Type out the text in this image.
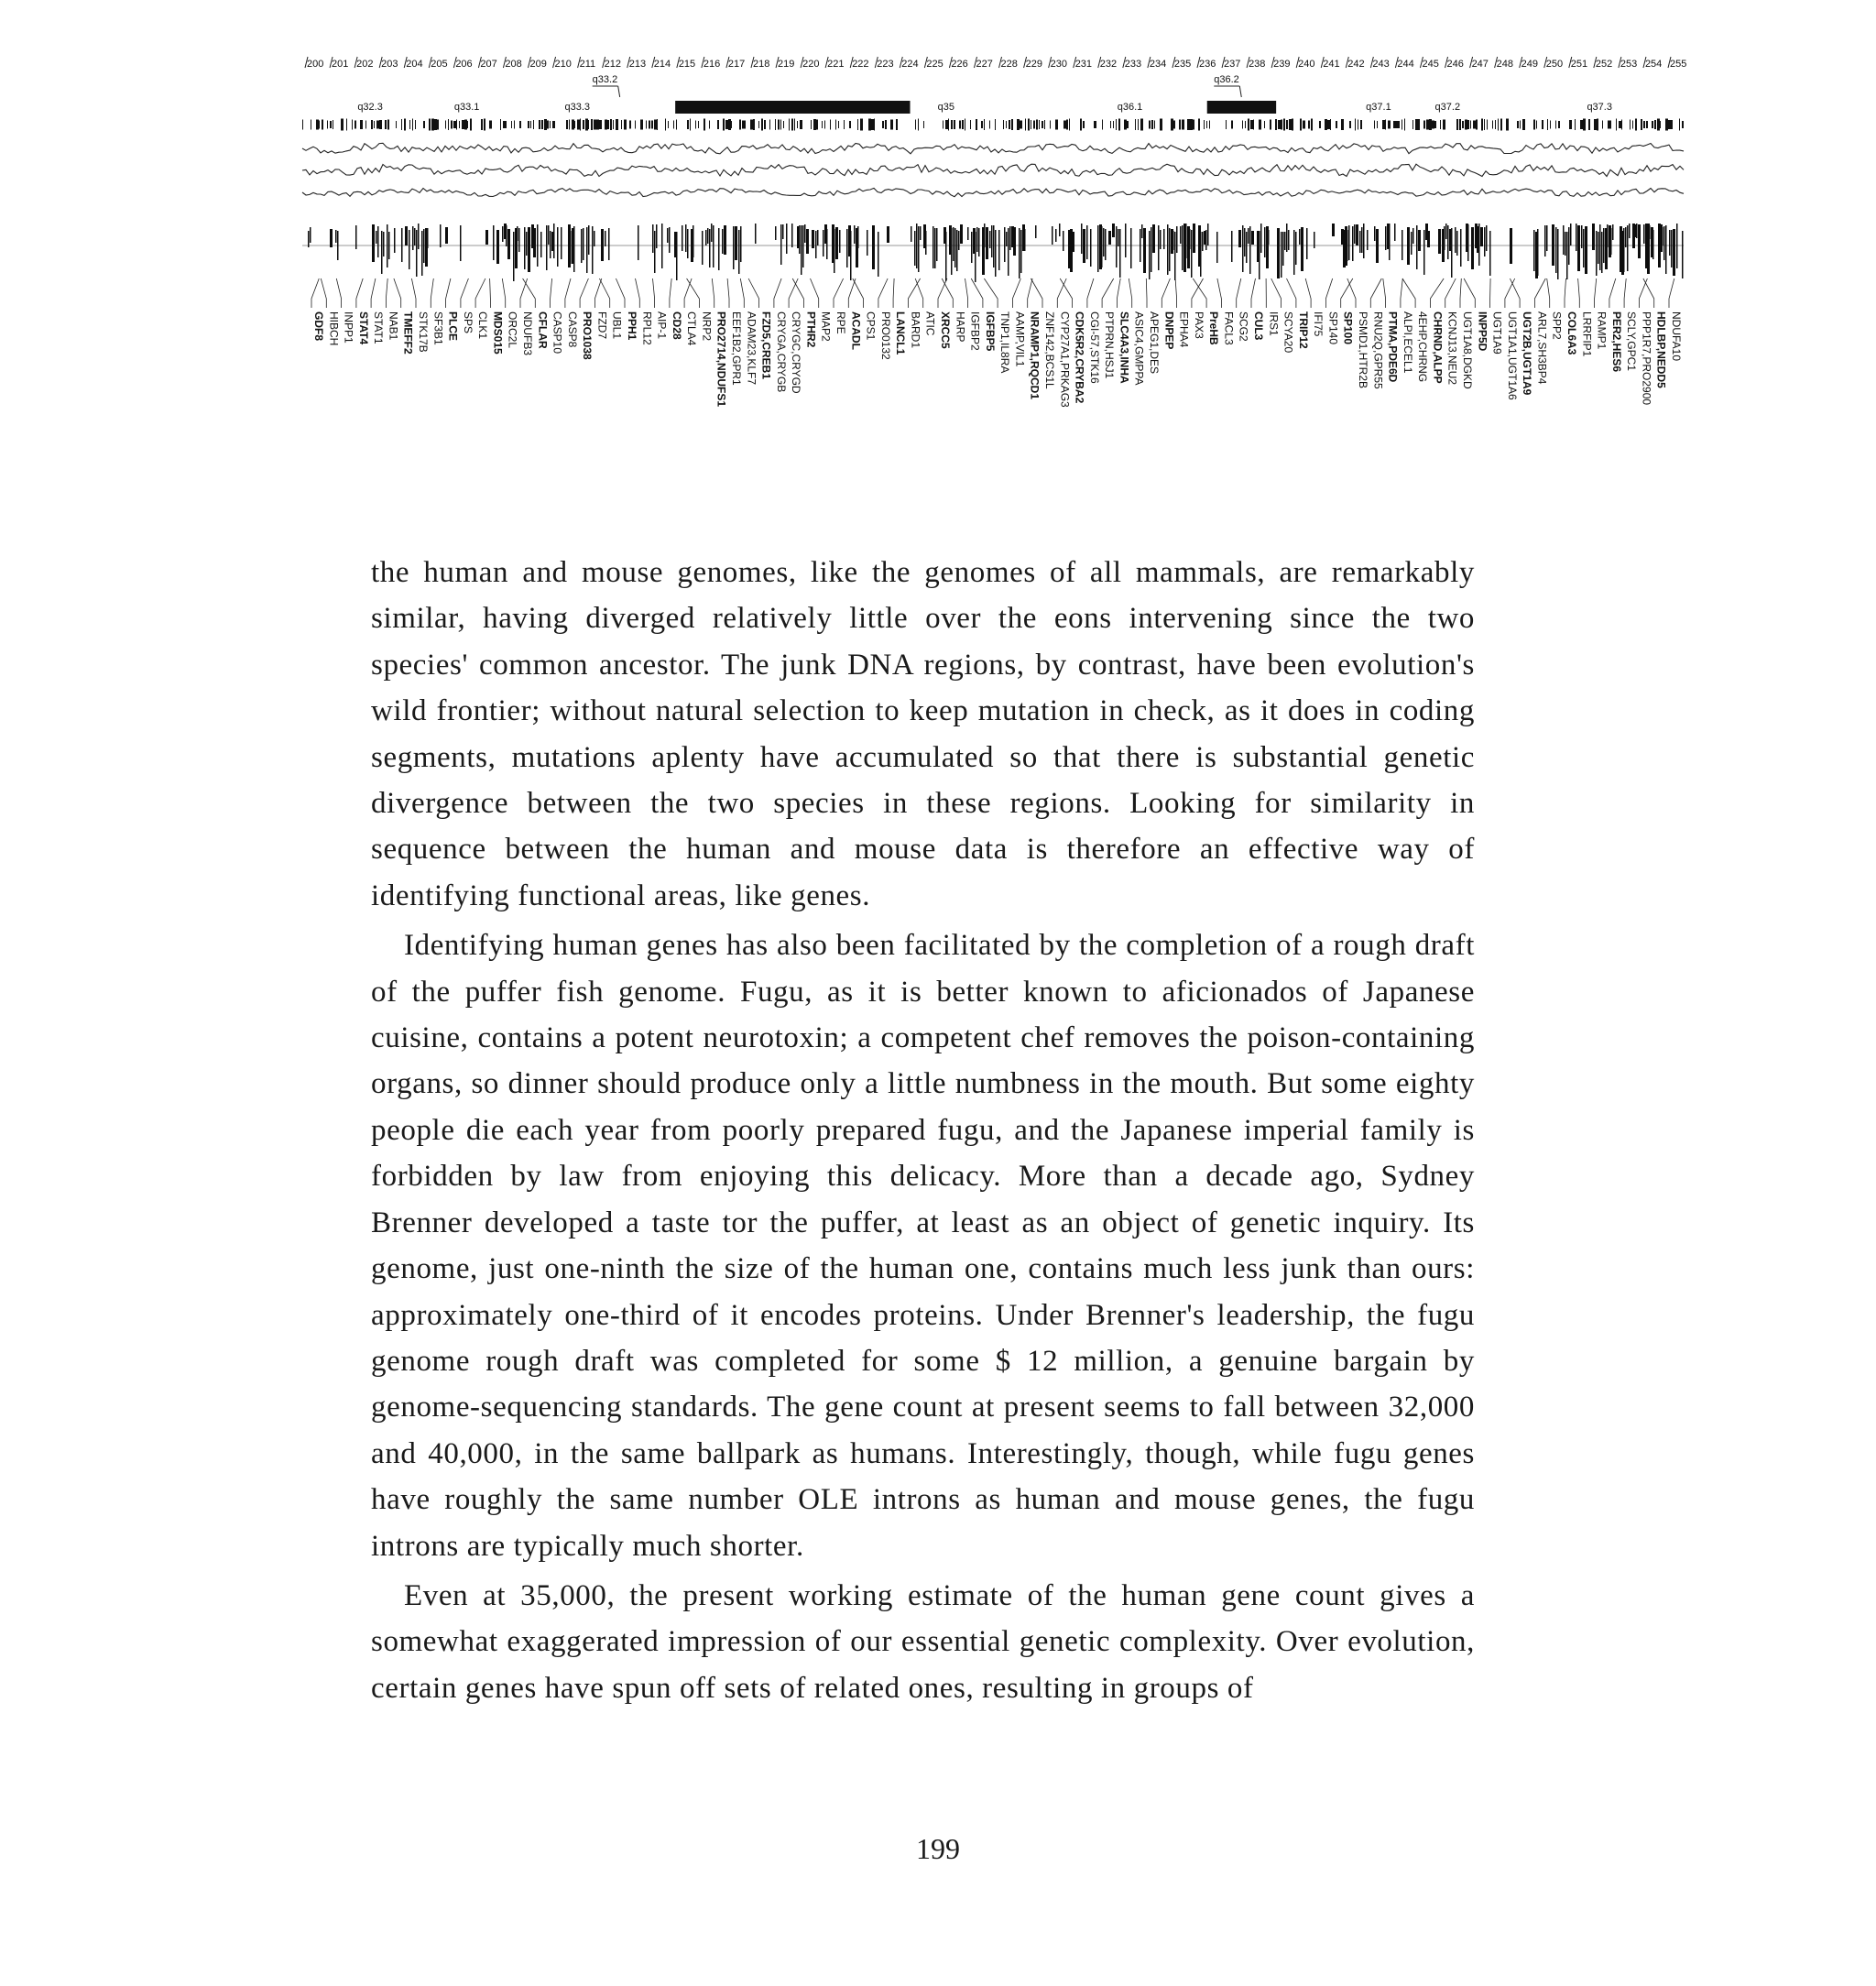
200 201 202 203 204 205 206 207 208 209 210 211 212 213 214 215 216 217 218 219 220 221 222 223 224 225 226 227 228 229 230 231 232 233 234 235 236 237 238 239 240 241 242 243 244 245 246 247 248 249 250 251 252 253 254 255
q33.2	q36.2
q32.3	q33.1	q33.3	q35	q36.1	q37.1	q37.2	q37.3
GDF8 HIBCH INPP1 STAT4 STAT1 NAB1 TMEFF2 STK17B SF3B1 PLCE SPS CLK1 MDS015 ORC2L NDUFB3 CFLAR CASP10 CASP8 PRO1038 FZD7 UBL1 PPH1 RPL12 AIP-1 CD28 CTLA4 NRP2 PRO2714,NDUFS1 EEF1B2,GPR1 ADAM23,KLF7 FZD5,CREB1 CRYGA,CRYGB CRYGC,CRYGD PTHR2 MAP2 RPE ACADL CPS1 PRO0132 LANCL1 BARD1 ATIC XRCC5 HARP IGFBP2 IGFBP5 TNP1,IL8RA AAMP,VIL1 NRAMP1,RQCD1 ZNF142,BCS1L CYP27A1,PRKAG3 CDK5R2,CRYBA2 CGI-57,STK16 PTPRN,HSJ1 SLC4A3,INHA ASIC4,GMPPA APEG1,DES DNPEP EPHA4 PAX3 PreHB FACL3 SCG2 CUL3 IRS1 SCYA20 TRIP12 IFI75 SP140 SP100 PSMD1,HTR2B RNU2Q,GPR55 PTMA,PDE6D ALPI,ECEL1 4EHP,CHRNG CHRND,ALPP KCNJ13,NEU2 UGT1A8,DGKD INPP5D UGT1A9 UGT1A1,UGT1A6 UGT2B,UGT1A9 ARL7,SH3BP4 SPP2 COL6A3 LRRFIP1 RAMP1 PER2,HES6 SCLY,GPC1 PPP1R7,PRO2900 HDLBP,NEDD5 NDUFA10

the human and mouse genomes, like the genomes of all mammals, are remarkably similar, having diverged relatively little over the eons intervening since the two species' common ancestor. The junk DNA regions, by contrast, have been evolution's wild frontier; without natural selection to keep mutation in check, as it does in coding segments, mutations aplenty have accumulated so that there is substantial genetic divergence between the two species in these regions. Looking for similarity in sequence between the human and mouse data is therefore an effective way of identifying functional areas, like genes.

Identifying human genes has also been facilitated by the completion of a rough draft of the puffer fish genome. Fugu, as it is better known to aficionados of Japanese cuisine, contains a potent neurotoxin; a competent chef removes the poison-containing organs, so dinner should produce only a little numbness in the mouth. But some eighty people die each year from poorly prepared fugu, and the Japanese imperial family is forbidden by law from enjoying this delicacy. More than a decade ago, Sydney Brenner developed a taste tor the puffer, at least as an object of genetic inquiry. Its genome, just one-ninth the size of the human one, contains much less junk than ours: approximately one-third of it encodes proteins. Under Brenner's leadership, the fugu genome rough draft was completed for some $ 12 million, a genuine bargain by genome-sequencing standards. The gene count at present seems to fall between 32,000 and 40,000, in the same ballpark as humans. Interestingly, though, while fugu genes have roughly the same number OLE introns as human and mouse genes, the fugu introns are typically much shorter.

Even at 35,000, the present working estimate of the human gene count gives a somewhat exaggerated impression of our essential genetic complexity. Over evolution, certain genes have spun off sets of related ones, resulting in groups of

199
